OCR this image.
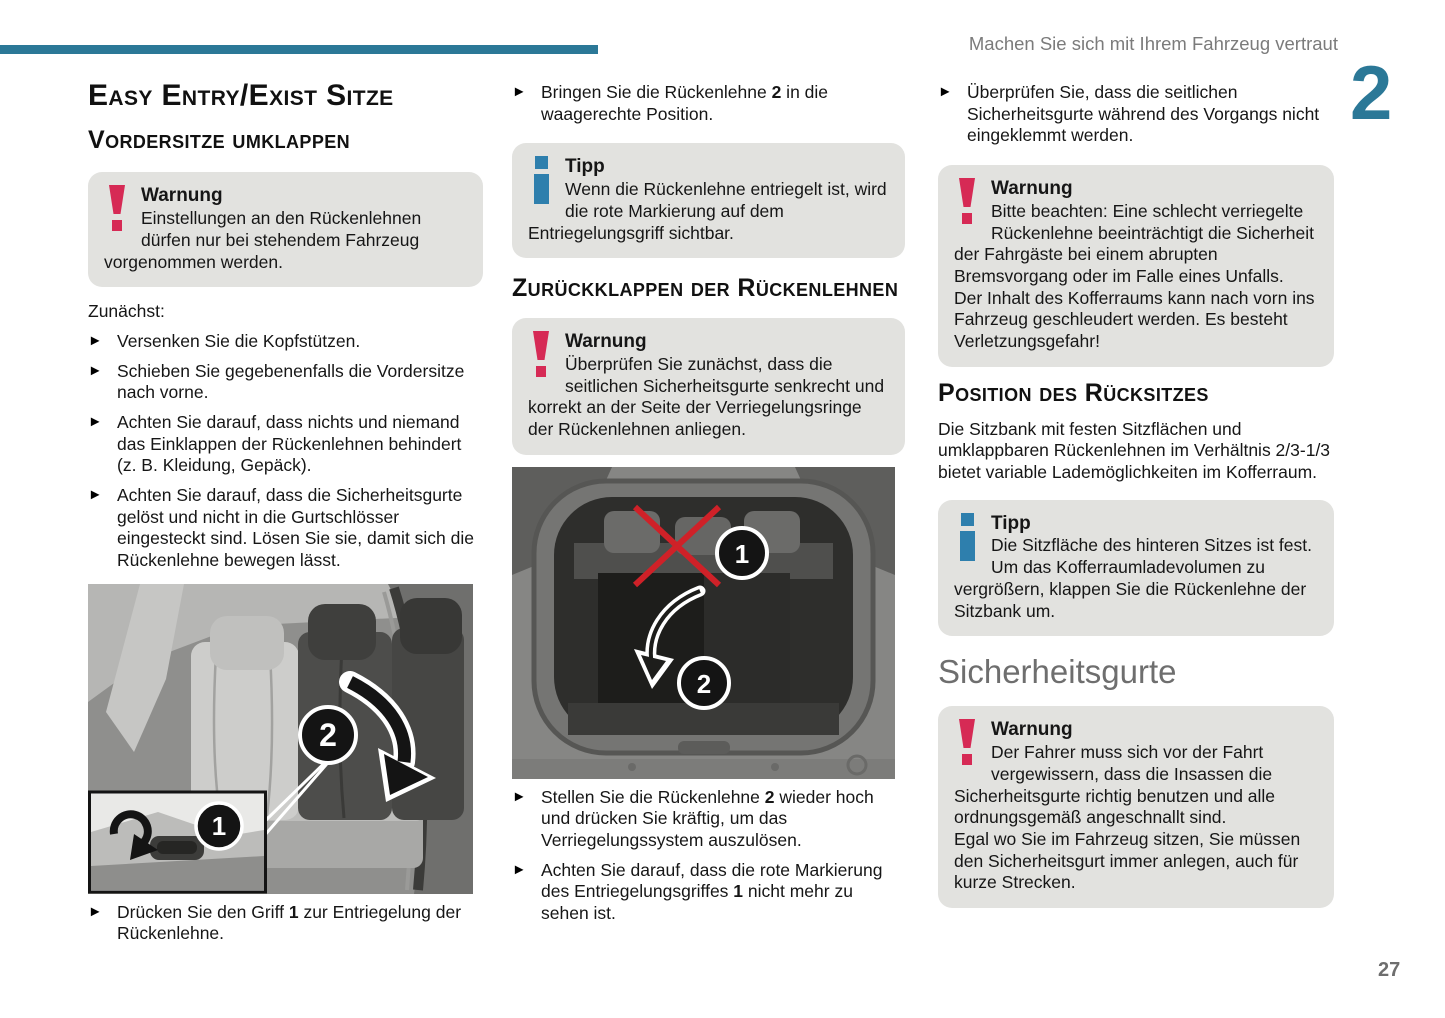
Machen Sie sich mit Ihrem Fahrzeug vertraut
2
27
Easy Entry/Exist Sitze
Vordersitze umklappen
Warnung
Einstellungen an den Rückenlehnen dürfen nur bei stehendem Fahrzeug vorgenommen werden.
Zunächst:
► Versenken Sie die Kopfstützen.
► Schieben Sie gegebenenfalls die Vordersitze nach vorne.
► Achten Sie darauf, dass nichts und niemand das Einklappen der Rückenlehnen behindert (z. B. Kleidung, Gepäck).
► Achten Sie darauf, dass die Sicherheitsgurte gelöst und nicht in die Gurtschlösser eingesteckt sind. Lösen Sie sie, damit sich die Rückenlehne bewegen lässt.
2
1
► Drücken Sie den Griff 1 zur Entriegelung der Rückenlehne.
► Bringen Sie die Rückenlehne 2 in die waagerechte Position.
Tipp
Wenn die Rückenlehne entriegelt ist, wird die rote Markierung auf dem Entriegelungsgriff sichtbar.
Zurückklappen der Rückenlehnen
Warnung
Überprüfen Sie zunächst, dass die seitlichen Sicherheitsgurte senkrecht und korrekt an der Seite der Verriegelungsringe der Rückenlehnen anliegen.
1
2
► Stellen Sie die Rückenlehne 2 wieder hoch und drücken Sie kräftig, um das Verriegelungssystem auszulösen.
► Achten Sie darauf, dass die rote Markierung des Entriegelungsgriffes 1 nicht mehr zu sehen ist.
► Überprüfen Sie, dass die seitlichen Sicherheitsgurte während des Vorgangs nicht eingeklemmt werden.
Warnung
Bitte beachten: Eine schlecht verriegelte Rückenlehne beeinträchtigt die Sicherheit der Fahrgäste bei einem abrupten Bremsvorgang oder im Falle eines Unfalls.
Der Inhalt des Kofferraums kann nach vorn ins Fahrzeug geschleudert werden. Es besteht Verletzungsgefahr!
Position des Rücksitzes
Die Sitzbank mit festen Sitzflächen und umklappbaren Rückenlehnen im Verhältnis 2/3-1/3 bietet variable Lademöglichkeiten im Kofferraum.
Tipp
Die Sitzfläche des hinteren Sitzes ist fest. Um das Kofferraumladevolumen zu vergrößern, klappen Sie die Rückenlehne der Sitzbank um.
Sicherheitsgurte
Warnung
Der Fahrer muss sich vor der Fahrt vergewissern, dass die Insassen die Sicherheitsgurte richtig benutzen und alle ordnungsgemäß angeschnallt sind.
Egal wo Sie im Fahrzeug sitzen, Sie müssen den Sicherheitsgurt immer anlegen, auch für kurze Strecken.
